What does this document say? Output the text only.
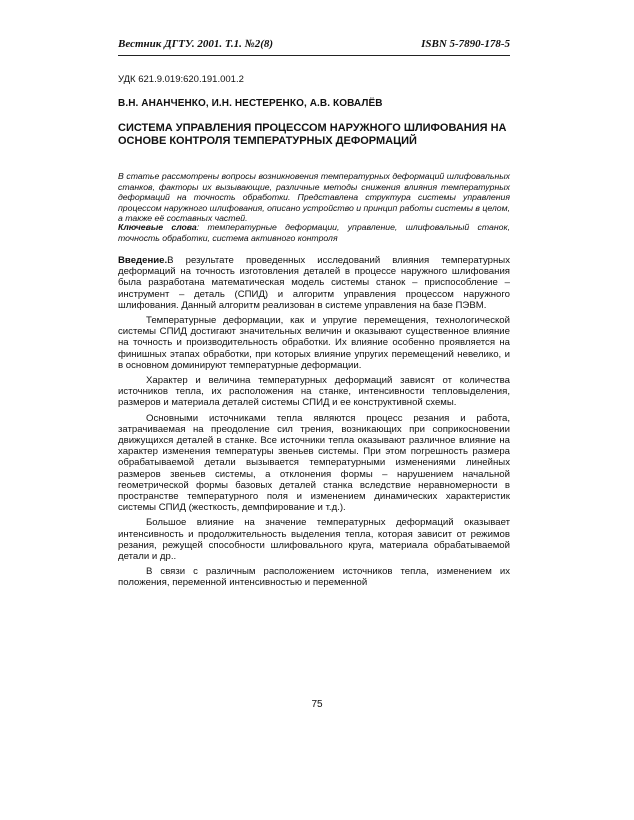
Вестник ДГТУ. 2001. Т.1. №2(8)	ISBN 5-7890-178-5
УДК 621.9.019:620.191.001.2
В.Н. АНАНЧЕНКО, И.Н. НЕСТЕРЕНКО, А.В. КОВАЛЁВ
СИСТЕМА УПРАВЛЕНИЯ ПРОЦЕССОМ НАРУЖНОГО ШЛИФОВАНИЯ НА ОСНОВЕ КОНТРОЛЯ ТЕМПЕРАТУРНЫХ ДЕФОРМАЦИЙ

В статье рассмотрены вопросы возникновения температурных деформаций шлифовальных станков, факторы их вызывающие, различные методы снижения влияния температурных деформаций на точность обработки. Представлена структура системы управления процессом наружного шлифования, описано устройство и принцип работы системы в целом, а также её составных частей.

Ключевые слова: температурные деформации, управление, шлифовальный станок, точность обработки, система активного контроля

Введение.В результате проведенных исследований влияния температурных деформаций на точность изготовления деталей в процессе наружного шлифования была разработана математическая модель системы станок – приспособление – инструмент – деталь (СПИД) и алгоритм управления процессом наружного шлифования. Данный алгоритм реализован в системе управления на базе ПЭВМ.

Температурные деформации, как и упругие перемещения, технологической системы СПИД достигают значительных величин и оказывают существенное влияние на точность и производительность обработки. Их влияние особенно проявляется на финишных этапах обработки, при которых влияние упругих перемещений невелико, и в основном доминируют температурные деформации.

Характер и величина температурных деформаций зависят от количества источников тепла, их расположения на станке, интенсивности тепловыделения, размеров и материала деталей системы СПИД и ее конструктивной схемы.

Основными источниками тепла являются процесс резания и работа, затрачиваемая на преодоление сил трения, возникающих при соприкосновении движущихся деталей в станке. Все источники тепла оказывают различное влияние на характер изменения температуры звеньев системы. При этом погрешность размера обрабатываемой детали вызывается температурными изменениями линейных размеров звеньев системы, а отклонения формы – нарушением начальной геометрической формы базовых деталей станка вследствие неравномерности в пространстве температурного поля и изменением динамических характеристик системы СПИД (жесткость, демпфирование и т.д.).

Большое влияние на значение температурных деформаций оказывает интенсивность и продолжительность выделения тепла, которая зависит от режимов резания, режущей способности шлифовального круга, материала обрабатываемой детали и др..

В связи с различным расположением источников тепла, изменением их положения, переменной интенсивностью и переменной

75
